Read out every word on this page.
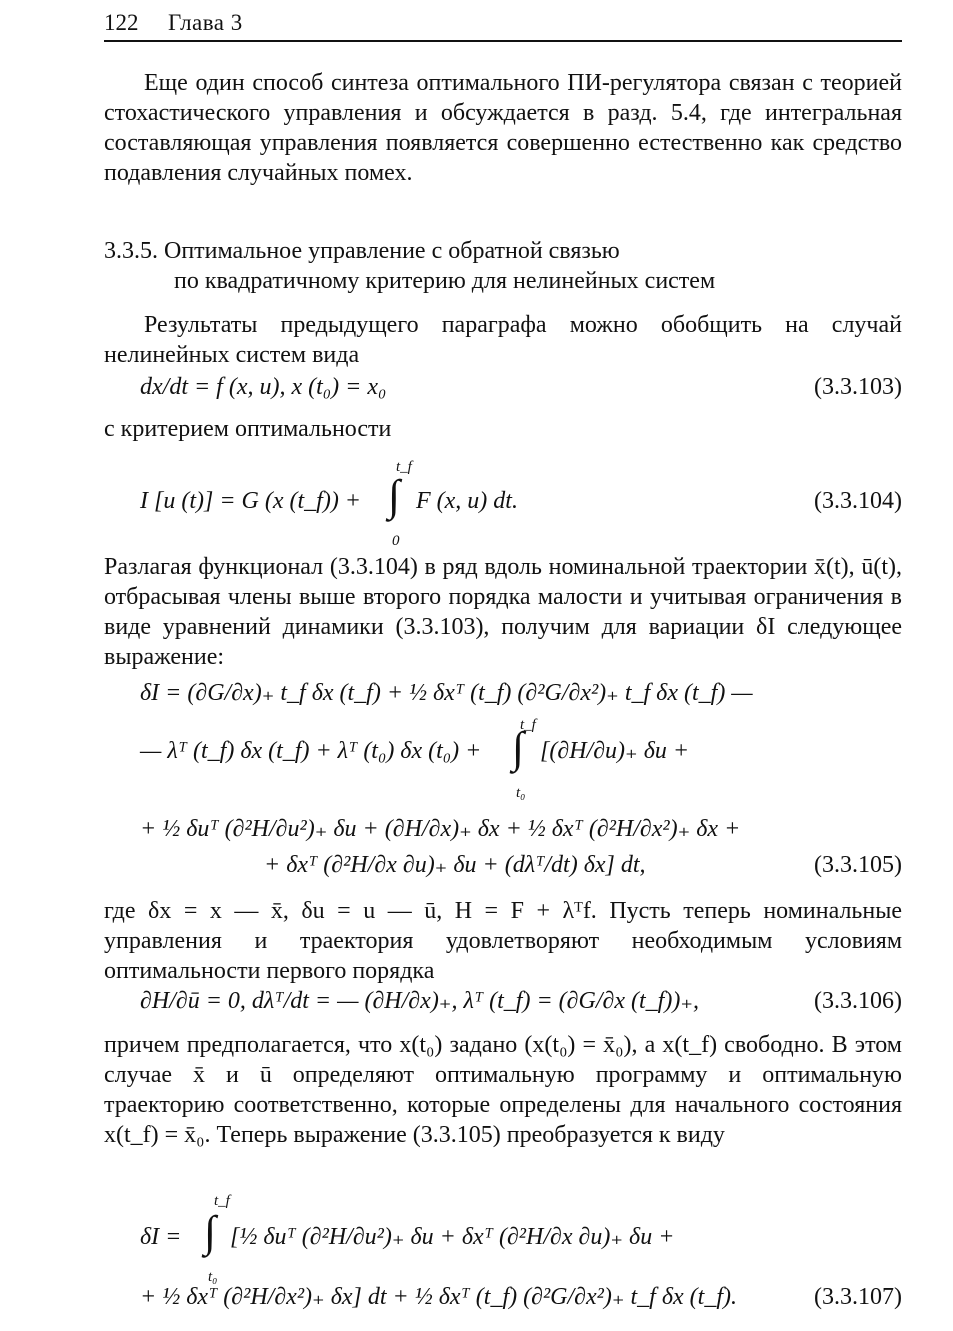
122 Глава 3
Еще один способ синтеза оптимального ПИ-регулятора связан с теорией стохастического управления и обсуждается в разд. 5.4, где интегральная составляющая управления появляется совершенно естественно как средство подавления случайных помех.
3.3.5. Оптимальное управление с обратной связью
по квадратичному критерию для нелинейных систем
Результаты предыдущего параграфа можно обобщить на случай нелинейных систем вида
dx/dt = f (x, u), x (t₀) = x₀	(3.3.103)
с критерием оптимальности
I [u (t)] = G (x (t_f)) +
t_f
∫
0
F (x, u) dt.	(3.3.104)
Разлагая функционал (3.3.104) в ряд вдоль номинальной траектории x̄(t), ū(t), отбрасывая члены выше второго порядка малости и учитывая ограничения в виде уравнений динамики (3.3.103), получим для вариации δI следующее выражение:
δI = (∂G/∂x)₊ t_f δx (t_f) + ½ δxᵀ (t_f) (∂²G/∂x²)₊ t_f δx (t_f) —
— λᵀ (t_f) δx (t_f) + λᵀ (t₀) δx (t₀) +
t_f
∫
t₀
[(∂H/∂u)₊ δu +
+ ½ δuᵀ (∂²H/∂u²)₊ δu + (∂H/∂x)₊ δx + ½ δxᵀ (∂²H/∂x²)₊ δx +
+ δxᵀ (∂²H/∂x ∂u)₊ δu + (dλᵀ/dt) δx] dt,	(3.3.105)
где δx = x — x̄, δu = u — ū, H = F + λᵀf. Пусть теперь номинальные управления и траектория удовлетворяют необходимым условиям оптимальности первого порядка
∂H/∂ū = 0, dλᵀ/dt = — (∂H/∂x)₊, λᵀ (t_f) = (∂G/∂x (t_f))₊,	(3.3.106)
причем предполагается, что x(t₀) задано (x(t₀) = x̄₀), а x(t_f) свободно. В этом случае x̄ и ū определяют оптимальную программу и оптимальную траекторию соответственно, которые определены для начального состояния x(t_f) = x̄₀. Теперь выражение (3.3.105) преобразуется к виду
δI =
t_f
∫
t₀
[½ δuᵀ (∂²H/∂u²)₊ δu + δxᵀ (∂²H/∂x ∂u)₊ δu +
+ ½ δxᵀ (∂²H/∂x²)₊ δx] dt + ½ δxᵀ (t_f) (∂²G/∂x²)₊ t_f δx (t_f).	(3.3.107)
